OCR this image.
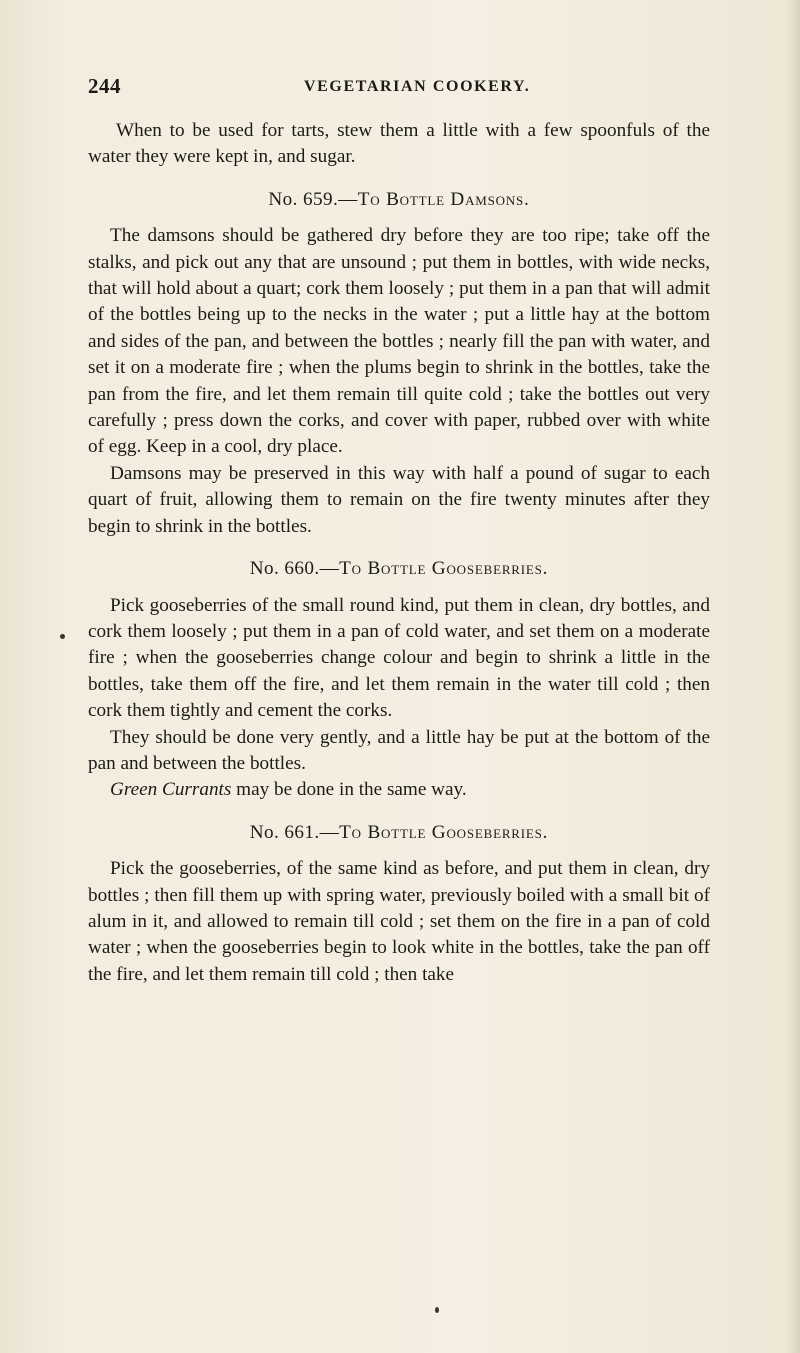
244	VEGETARIAN COOKERY.

When to be used for tarts, stew them a little with a few spoonfuls of the water they were kept in, and sugar.

No. 659.—To Bottle Damsons.

The damsons should be gathered dry before they are too ripe; take off the stalks, and pick out any that are unsound ; put them in bottles, with wide necks, that will hold about a quart; cork them loosely ; put them in a pan that will admit of the bottles being up to the necks in the water ; put a little hay at the bottom and sides of the pan, and between the bottles ; nearly fill the pan with water, and set it on a moderate fire ; when the plums begin to shrink in the bottles, take the pan from the fire, and let them remain till quite cold ; take the bottles out very carefully ; press down the corks, and cover with paper, rubbed over with white of egg. Keep in a cool, dry place.

Damsons may be preserved in this way with half a pound of sugar to each quart of fruit, allowing them to remain on the fire twenty minutes after they begin to shrink in the bottles.

No. 660.—To Bottle Gooseberries.

Pick gooseberries of the small round kind, put them in clean, dry bottles, and cork them loosely ; put them in a pan of cold water, and set them on a moderate fire ; when the gooseberries change colour and begin to shrink a little in the bottles, take them off the fire, and let them remain in the water till cold ; then cork them tightly and cement the corks.

They should be done very gently, and a little hay be put at the bottom of the pan and between the bottles.

Green Currants may be done in the same way.

No. 661.—To Bottle Gooseberries.

Pick the gooseberries, of the same kind as before, and put them in clean, dry bottles ; then fill them up with spring water, previously boiled with a small bit of alum in it, and allowed to remain till cold ; set them on the fire in a pan of cold water ; when the gooseberries begin to look white in the bottles, take the pan off the fire, and let them remain till cold ; then take
